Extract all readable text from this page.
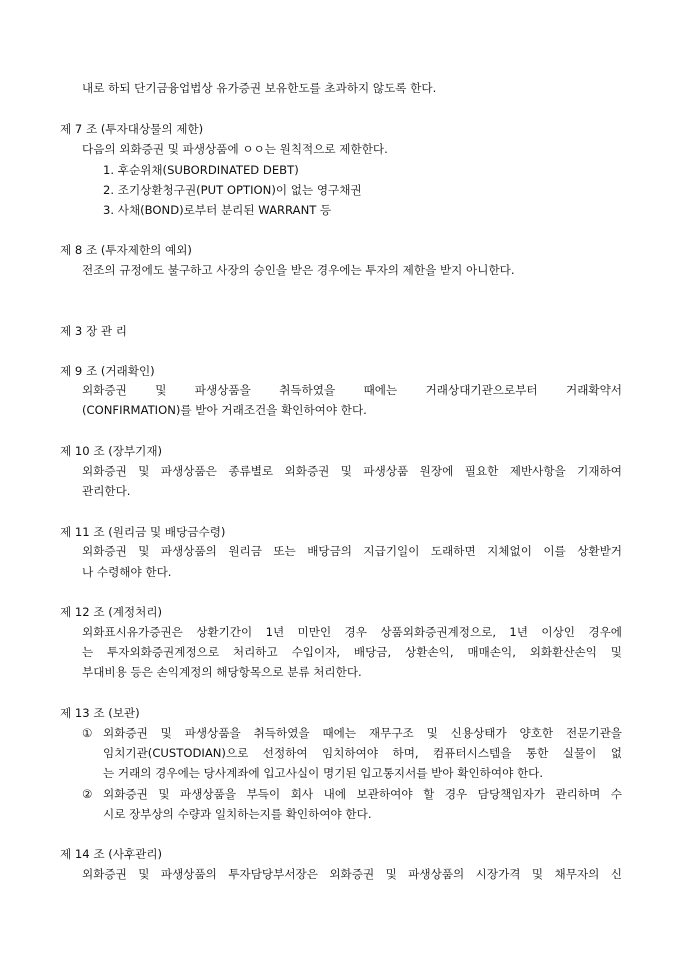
내로 하되 단기금융업법상 유가증권 보유한도를 초과하지 않도록 한다.
제 7 조 (투자대상물의 제한)
다음의 외화증권 및 파생상품에 ㅇㅇ는 원칙적으로 제한한다.
1. 후순위채(SUBORDINATED DEBT)
2. 조기상환청구권(PUT OPTION)이 없는 영구채권
3. 사채(BOND)로부터 분리된 WARRANT 등
제 8 조 (투자제한의 예외)
전조의 규정에도 불구하고 사장의 승인을 받은 경우에는 투자의 제한을 받지 아니한다.
제 3 장 관 리
제 9 조 (거래확인)
외화증권 및 파생상품을 취득하였을 때에는 거래상대기관으로부터 거래확약서
(CONFIRMATION)를 받아 거래조건을 확인하여야 한다.
제 10 조 (장부기재)
외화증권 및 파생상품은 종류별로 외화증권 및 파생상품 원장에 필요한 제반사항을 기재하여
관리한다.
제 11 조 (원리금 및 배당금수령)
외화증권 및 파생상품의 원리금 또는 배당금의 지급기일이 도래하면 지체없이 이를 상환받거
나 수령해야 한다.
제 12 조 (계정처리)
외화표시유가증권은 상환기간이 1년 미만인 경우 상품외화증권계정으로, 1년 이상인 경우에
는 투자외화증권계정으로 처리하고 수입이자, 배당금, 상환손익, 매매손익, 외화환산손익 및
부대비용 등은 손익계정의 해당항목으로 분류 처리한다.
제 13 조 (보관)
① 외화증권 및 파생상품을 취득하였을 때에는 재무구조 및 신용상태가 양호한 전문기관을
임치기관(CUSTODIAN)으로 선정하여 임치하여야 하며, 컴퓨터시스템을 통한 실물이 없
는 거래의 경우에는 당사계좌에 입고사실이 명기된 입고통지서를 받아 확인하여야 한다.
② 외화증권 및 파생상품을 부득이 회사 내에 보관하여야 할 경우 담당책임자가 관리하며 수
시로 장부상의 수량과 일치하는지를 확인하여야 한다.
제 14 조 (사후관리)
외화증권 및 파생상품의 투자담당부서장은 외화증권 및 파생상품의 시장가격 및 채무자의 신
